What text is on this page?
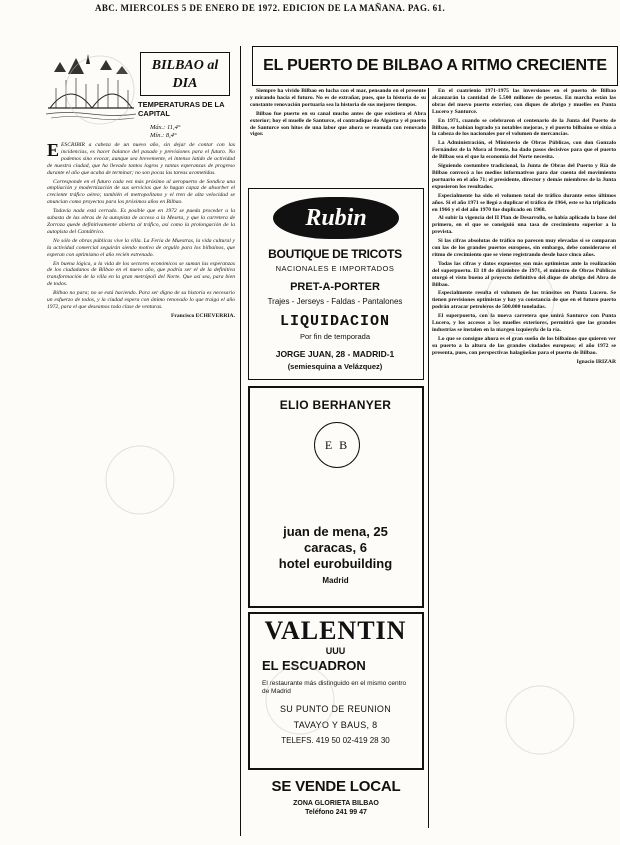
ABC. MIERCOLES 5 DE ENERO DE 1972. EDICION DE LA MAÑANA. PAG. 61.
BILBAO al DIA
TEMPERATURAS DE LA CAPITAL
Máx.: 11,4°
Mín.: 8,4°

EESCRIBIR a cabeza de un nuevo año, sin dejar de contar con las incidencias, es hacer balance del pasado y previsiones para el futuro. No podemos sino evocar, aunque sea brevemente, el intenso latido de actividad de nuestra ciudad, que ha llevado tantos logros y tantas esperanzas de progreso durante el año que acaba de terminar; no son pocas las tareas acometidas.

Corresponde en el futuro cada vez más próximo al aeropuerto de Sondica una ampliación y modernización de sus servicios que lo hagan capaz de absorber el creciente tráfico aéreo; también el metropolitano y el tren de alta velocidad se anuncian como proyectos para los próximos años en Bilbao.

Todavía nada está cerrado. Es posible que en 1972 se pueda proceder a la subasta de las obras de la autopista de acceso a la Meseta, y que la carretera de Zorroza quede definitivamente abierta al tráfico, así como la prolongación de la autopista del Cantábrico.

No sólo de obras públicas vive la villa. La Feria de Muestras, la vida cultural y la actividad comercial seguirán siendo motivo de orgullo para los bilbaínos, que esperan con optimismo el año recién estrenado.

En buena lógica, a la vida de los sectores económicos se suman las esperanzas de los ciudadanos de Bilbao en el nuevo año, que podría ser el de la definitiva transformación de la villa en la gran metrópoli del Norte. Que así sea, para bien de todos.

Bilbao no para; no se está haciendo. Para ser digno de su historia es necesario un esfuerzo de todos, y la ciudad espera con ánimo renovado lo que traiga el año 1972, para el que deseamos toda clase de venturas.

Francisco ECHEVERRIA.

EL PUERTO DE BILBAO A RITMO CRECIENTE

Siempre ha vivido Bilbao en lucha con el mar, pensando en el presente y mirando hacia el futuro. No es de extrañar, pues, que la historia de su constante renovación portuaria sea la historia de sus mejores tiempos.

Bilbao fue puerto en su canal mucho antes de que existiera el Abra exterior; hoy el muelle de Santurce, el contradique de Algorta y el puerto de Santurce son hitos de una labor que ahora se reanuda con renovado vigor.

En el cuatrienio 1971-1975 las inversiones en el puerto de Bilbao alcanzarán la cantidad de 5.500 millones de pesetas. En marcha están las obras del nuevo puerto exterior, con diques de abrigo y muelles en Punta Lucero y Santurce.

En 1971, cuando se celebraron el centenario de la Junta del Puerto de Bilbao, se habían logrado ya notables mejoras, y el puerto bilbaíno se sitúa a la cabeza de los nacionales por el volumen de mercancías.

La Administración, el Ministerio de Obras Públicas, con don Gonzalo Fernández de la Mora al frente, ha dado pasos decisivos para que el puerto de Bilbao sea el que la economía del Norte necesita.

Siguiendo costumbre tradicional, la Junta de Obras del Puerto y Ría de Bilbao convocó a los medios informativos para dar cuenta del movimiento portuario en el año 71; el presidente, director y demás miembros de la Junta expusieron los resultados.

Especialmente ha sido el volumen total de tráfico durante estos últimos años. Si el año 1971 se llegó a duplicar el tráfico de 1964, este se ha triplicado en 1966 y el del año 1970 fue duplicado en 1968.

Al subir la vigencia del II Plan de Desarrollo, se había aplicado la base del primero, en el que se consiguió una tasa de crecimiento superior a la prevista.

Si las cifras absolutas de tráfico no parecen muy elevadas si se comparan con las de los grandes puertos europeos, sin embargo, debe considerarse el ritmo de crecimiento que se viene registrando desde hace cinco años.

Todas las cifras y datos expuestos son más optimistas ante la realización del superpuerto. El 18 de diciembre de 1971, el ministro de Obras Públicas otorgó el visto bueno al proyecto definitivo del dique de abrigo del Abra de Bilbao.

Especialmente resulta el volumen de los tránsitos en Punta Lucero. Se tienen previsiones optimistas y hay ya constancia de que en el futuro puerto podrán atracar petroleros de 500.000 toneladas.

El superpuerto, con la nueva carretera que unirá Santurce con Punta Lucero, y los accesos a los muelles exteriores, permitirá que las grandes industrias se instalen en la margen izquierda de la ría.

Lo que se consigue ahora es el gran sueño de los bilbaínos que quieren ver su puerto a la altura de las grandes ciudades europeas; el año 1972 se presenta, pues, con perspectivas halagüeñas para el puerto de Bilbao.

Ignacio IRIZAR

Rubin
BOUTIQUE DE TRICOTS
NACIONALES E IMPORTADOS
PRET-A-PORTER
Trajes - Jerseys - Faldas - Pantalones
LIQUIDACION
Por fin de temporada
JORGE JUAN, 28 - MADRID-1
(semiesquina a Velázquez)
ELIO BERHANYER
E B
juan de mena, 25
caracas, 6
hotel eurobuilding
Madrid
VALENTIN
UUU
EL ESCUADRON
El restaurante más distinguido en el mismo centro de Madrid
SU PUNTO DE REUNION
TAVAYO Y BAUS, 8
TELEFS. 419 50 02-419 28 30
SE VENDE LOCAL
ZONA GLORIETA BILBAO
Teléfono 241 99 47
